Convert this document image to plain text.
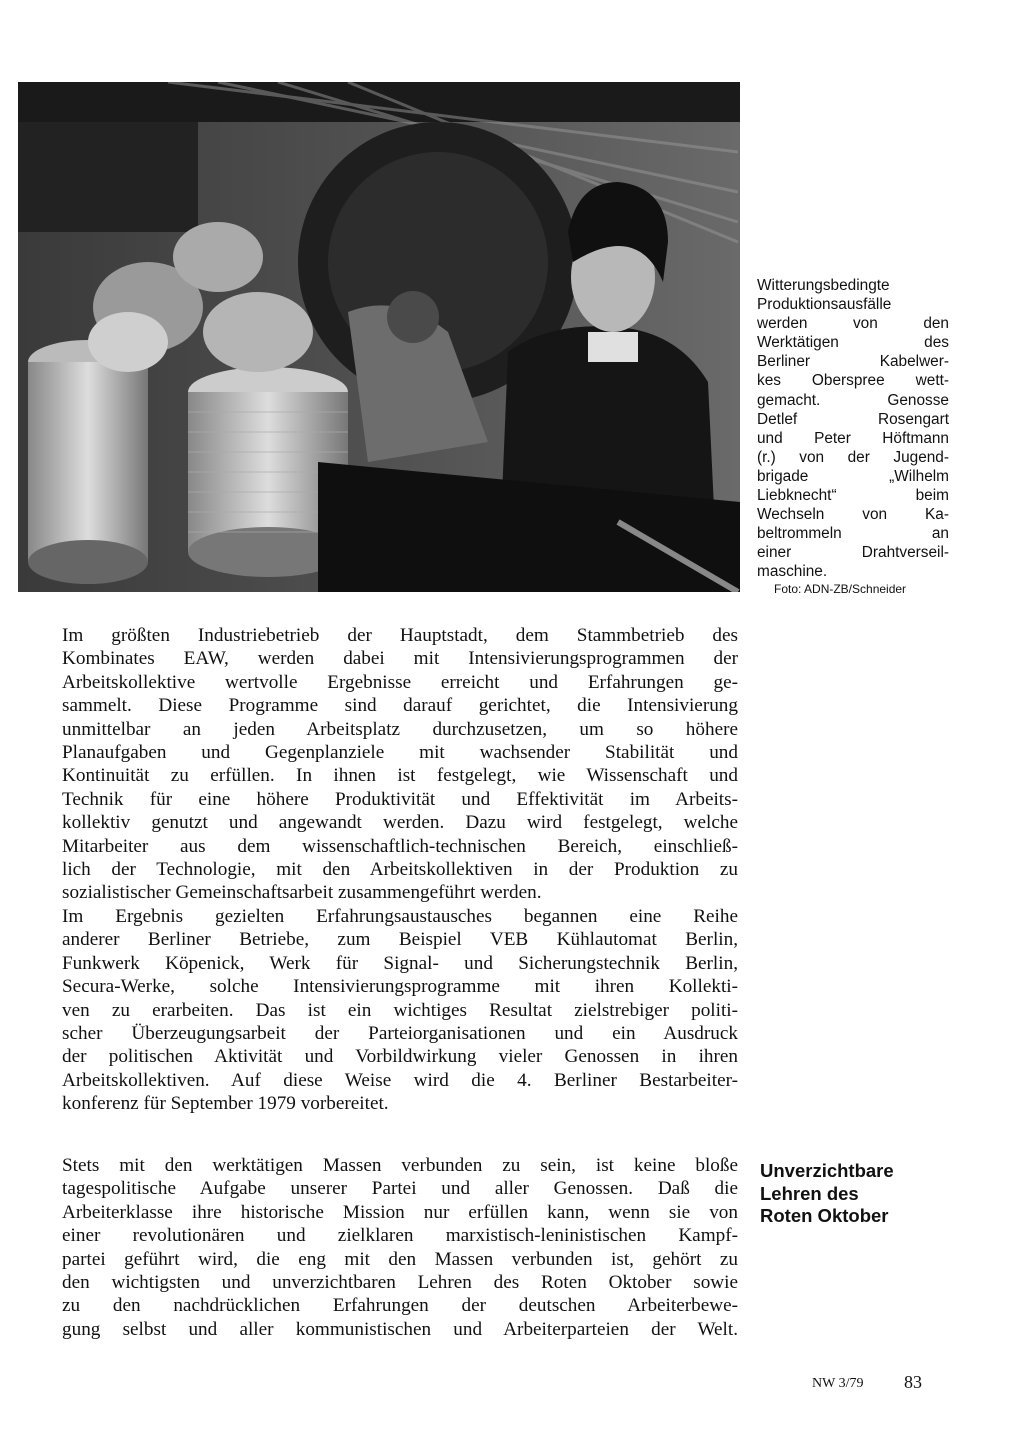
Witterungsbedingte
Produktionsausfälle
werden von den
Werktätigen des
Berliner Kabelwer-
kes Oberspree wett-
gemacht. Genosse
Detlef Rosengart
und Peter Höftmann
(r.) von der Jugend-
brigade „Wilhelm
Liebknecht“ beim
Wechseln von Ka-
beltrommeln an
einer Drahtverseil-
maschine.
Foto: ADN-ZB/Schneider
Im größten Industriebetrieb der Hauptstadt, dem Stammbetrieb des
Kombinates EAW, werden dabei mit Intensivierungsprogrammen der
Arbeitskollektive wertvolle Ergebnisse erreicht und Erfahrungen ge-
sammelt. Diese Programme sind darauf gerichtet, die Intensivierung
unmittelbar an jeden Arbeitsplatz durchzusetzen, um so höhere
Planaufgaben und Gegenplanziele mit wachsender Stabilität und
Kontinuität zu erfüllen. In ihnen ist festgelegt, wie Wissenschaft und
Technik für eine höhere Produktivität und Effektivität im Arbeits-
kollektiv genutzt und angewandt werden. Dazu wird festgelegt, welche
Mitarbeiter aus dem wissenschaftlich-technischen Bereich, einschließ-
lich der Technologie, mit den Arbeitskollektiven in der Produktion zu
sozialistischer Gemeinschaftsarbeit zusammengeführt werden.
Im Ergebnis gezielten Erfahrungsaustausches begannen eine Reihe
anderer Berliner Betriebe, zum Beispiel VEB Kühlautomat Berlin,
Funkwerk Köpenick, Werk für Signal- und Sicherungstechnik Berlin,
Secura-Werke, solche Intensivierungsprogramme mit ihren Kollekti-
ven zu erarbeiten. Das ist ein wichtiges Resultat zielstrebiger politi-
scher Überzeugungsarbeit der Parteiorganisationen und ein Ausdruck
der politischen Aktivität und Vorbildwirkung vieler Genossen in ihren
Arbeitskollektiven. Auf diese Weise wird die 4. Berliner Bestarbeiter-
konferenz für September 1979 vorbereitet.
Unverzichtbare
Lehren des
Roten Oktober
Stets mit den werktätigen Massen verbunden zu sein, ist keine bloße
tagespolitische Aufgabe unserer Partei und aller Genossen. Daß die
Arbeiterklasse ihre historische Mission nur erfüllen kann, wenn sie von
einer revolutionären und zielklaren marxistisch-leninistischen Kampf-
partei geführt wird, die eng mit den Massen verbunden ist, gehört zu
den wichtigsten und unverzichtbaren Lehren des Roten Oktober sowie
zu den nachdrücklichen Erfahrungen der deutschen Arbeiterbewe-
gung selbst und aller kommunistischen und Arbeiterparteien der Welt.
NW 3/79 83
